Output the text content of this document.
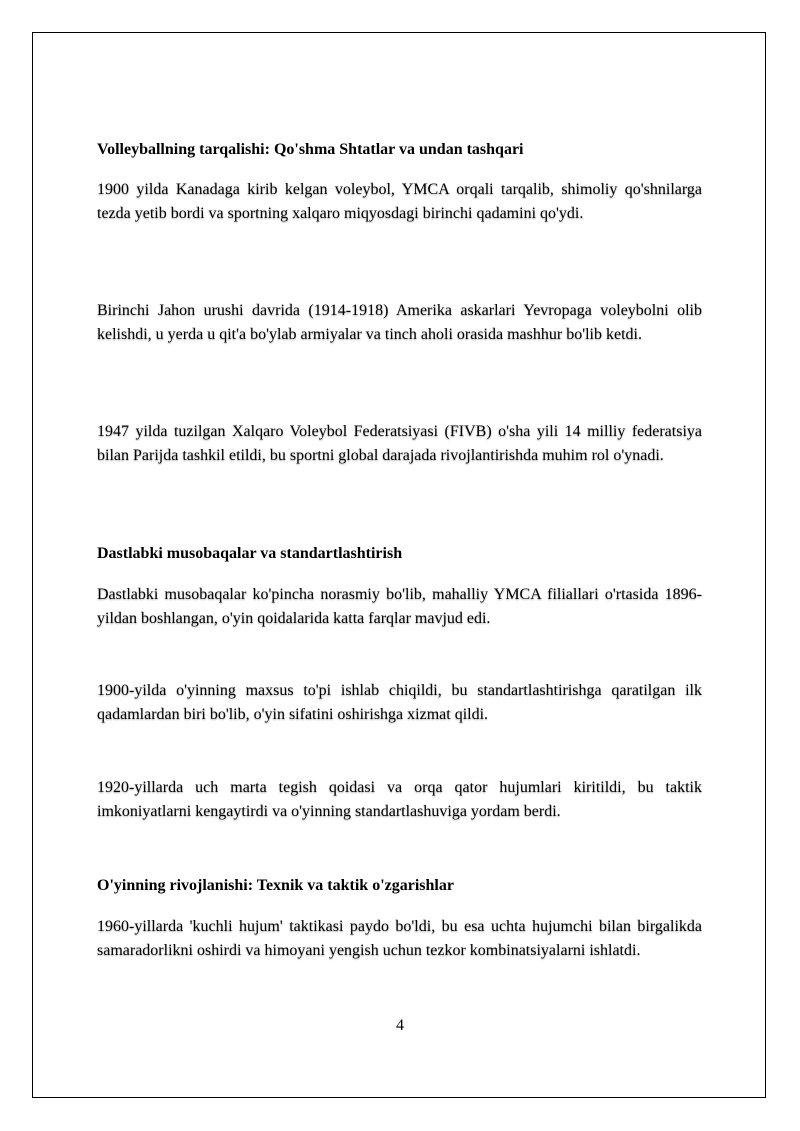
Volleyballning tarqalishi: Qo'shma Shtatlar va undan tashqari
1900 yilda Kanadaga kirib kelgan voleybol, YMCA orqali tarqalib, shimoliy qo'shnilarga tezda yetib bordi va sportning xalqaro miqyosdagi birinchi qadamini qo'ydi.
Birinchi Jahon urushi davrida (1914-1918) Amerika askarlari Yevropaga voleybolni olib kelishdi, u yerda u qit'a bo'ylab armiyalar va tinch aholi orasida mashhur bo'lib ketdi.
1947 yilda tuzilgan Xalqaro Voleybol Federatsiyasi (FIVB) o'sha yili 14 milliy federatsiya bilan Parijda tashkil etildi, bu sportni global darajada rivojlantirishda muhim rol o'ynadi.
Dastlabki musobaqalar va standartlashtirish
Dastlabki musobaqalar ko'pincha norasmiy bo'lib, mahalliy YMCA filiallari o'rtasida 1896-yildan boshlangan, o'yin qoidalarida katta farqlar mavjud edi.
1900-yilda o'yinning maxsus to'pi ishlab chiqildi, bu standartlashtirishga qaratilgan ilk qadamlardan biri bo'lib, o'yin sifatini oshirishga xizmat qildi.
1920-yillarda uch marta tegish qoidasi va orqa qator hujumlari kiritildi, bu taktik imkoniyatlarni kengaytirdi va o'yinning standartlashuviga yordam berdi.
O'yinning rivojlanishi: Texnik va taktik o'zgarishlar
1960-yillarda 'kuchli hujum' taktikasi paydo bo'ldi, bu esa uchta hujumchi bilan birgalikda samaradorlikni oshirdi va himoyani yengish uchun tezkor kombinatsiyalarni ishlatdi.
4
